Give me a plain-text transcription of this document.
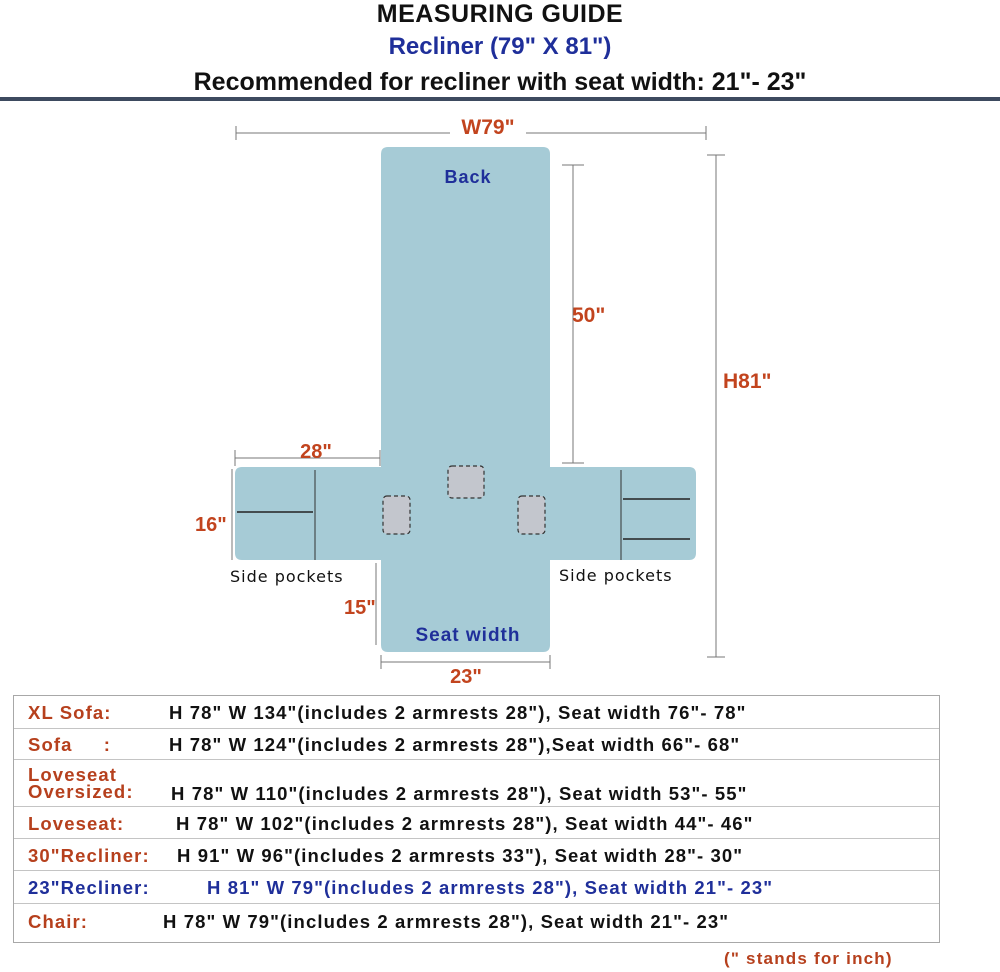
MEASURING GUIDE
Recliner (79" X 81")
Recommended for recliner with seat width: 21"- 23"
W79"
H81"
50"
Back
28"
16"
Side pockets	Side pockets
15"
Seat width
23"
XL Sofa:	H 78" W 134"(includes 2 armrests 28"), Seat width 76"- 78"
Sofa     :	H 78" W 124"(includes 2 armrests 28"),Seat width 66"- 68"
Loveseat
Oversized: H 78" W 110"(includes 2 armrests 28"), Seat width 53"- 55"
Loveseat:	H 78" W 102"(includes 2 armrests 28"), Seat width 44"- 46"
30"Recliner: H 91" W 96"(includes 2 armrests 33"), Seat width 28"- 30"
23"Recliner:	H 81" W 79"(includes 2 armrests 28"), Seat width 21"- 23"
Chair:	H 78" W 79"(includes 2 armrests 28"), Seat width 21"- 23"
(" stands for inch)
